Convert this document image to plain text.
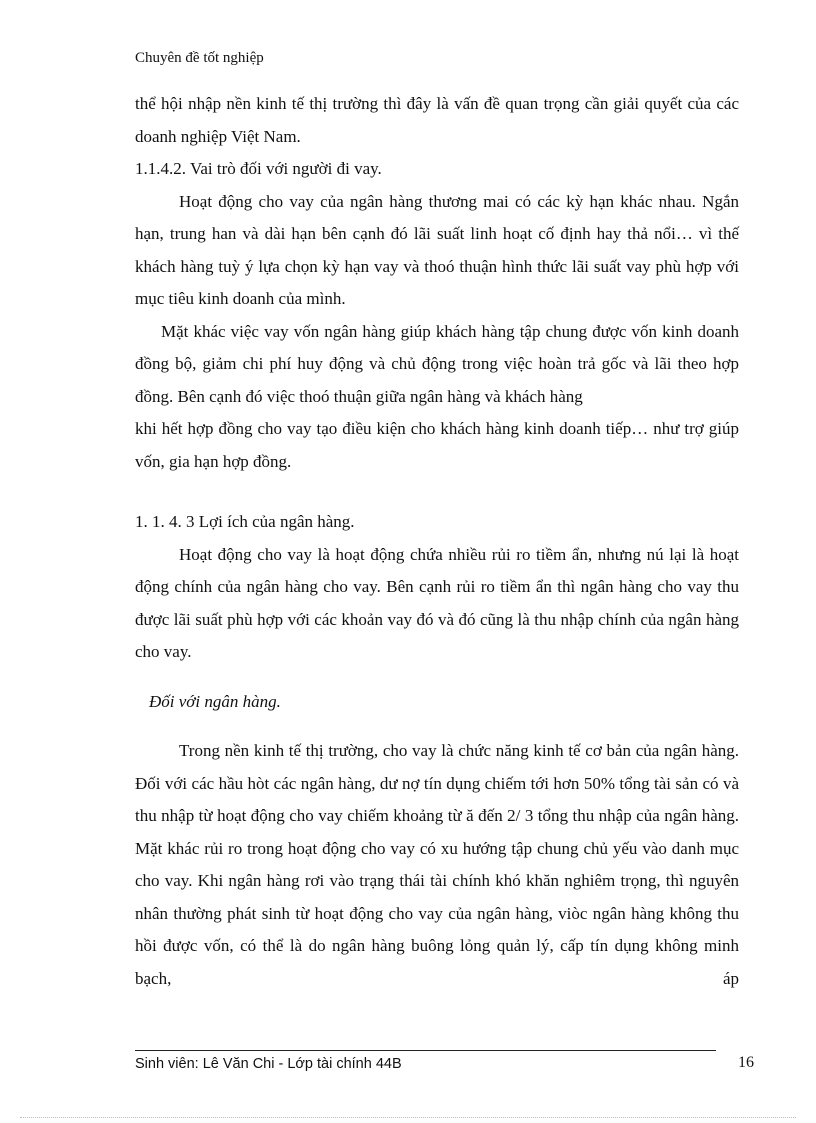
Chuyên đề tốt nghiệp

thể hội nhập nền kinh tế thị trường thì đây là vấn đề quan trọng cần giải quyết của các doanh nghiệp Việt Nam.

1.1.4.2. Vai trò đối với người đi vay.

Hoạt động cho vay của ngân hàng thương mai có các kỳ hạn khác nhau. Ngắn hạn, trung han và dài hạn bên cạnh đó lãi suất linh hoạt cố định hay thả nổi… vì thế khách hàng tuỳ ý lựa chọn kỳ hạn vay và thoó thuận hình thức lãi suất vay phù hợp với mục tiêu kinh doanh của mình.

Mặt khác việc vay vốn ngân hàng giúp khách hàng tập chung được vốn kinh doanh đồng bộ, giảm chi phí huy động và chủ động trong việc hoàn trả gốc và lãi theo hợp đồng. Bên cạnh đó việc thoó thuận giữa ngân hàng và khách hàng

khi hết hợp đồng cho vay tạo điều kiện cho khách hàng kinh doanh tiếp… như trợ giúp vốn, gia hạn hợp đồng.

1. 1. 4. 3 Lợi ích của ngân hàng.

Hoạt động cho vay là hoạt động chứa nhiều rủi ro tiềm ẩn, nhưng nú lại là hoạt động chính của ngân hàng cho vay. Bên cạnh rủi ro tiềm ẩn thì ngân hàng cho vay thu được lãi suất phù hợp với các khoản vay đó và đó cũng là thu nhập chính của ngân hàng cho vay.

Đối với ngân hàng.

Trong nền kinh tế thị trường, cho vay là chức năng kinh tế cơ bản của ngân hàng. Đối với các hầu hòt các ngân hàng, dư nợ tín dụng chiếm tới hơn 50% tổng tài sản có và thu nhập từ hoạt động cho vay chiếm khoảng từ ă đến 2/ 3 tổng thu nhập của ngân hàng. Mặt khác rủi ro trong hoạt động cho vay có xu hướng tập chung chủ yếu vào danh mục cho vay. Khi ngân hàng rơi vào trạng thái tài chính khó khăn nghiêm trọng, thì nguyên nhân thường phát sinh từ hoạt động cho vay của ngân hàng, viòc ngân hàng không thu hồi được vốn, có thể là do ngân hàng buông lỏng quản lý, cấp tín dụng không minh bạch, áp

Sinh viên: Lê Văn Chi - Lớp tài chính 44B	16
